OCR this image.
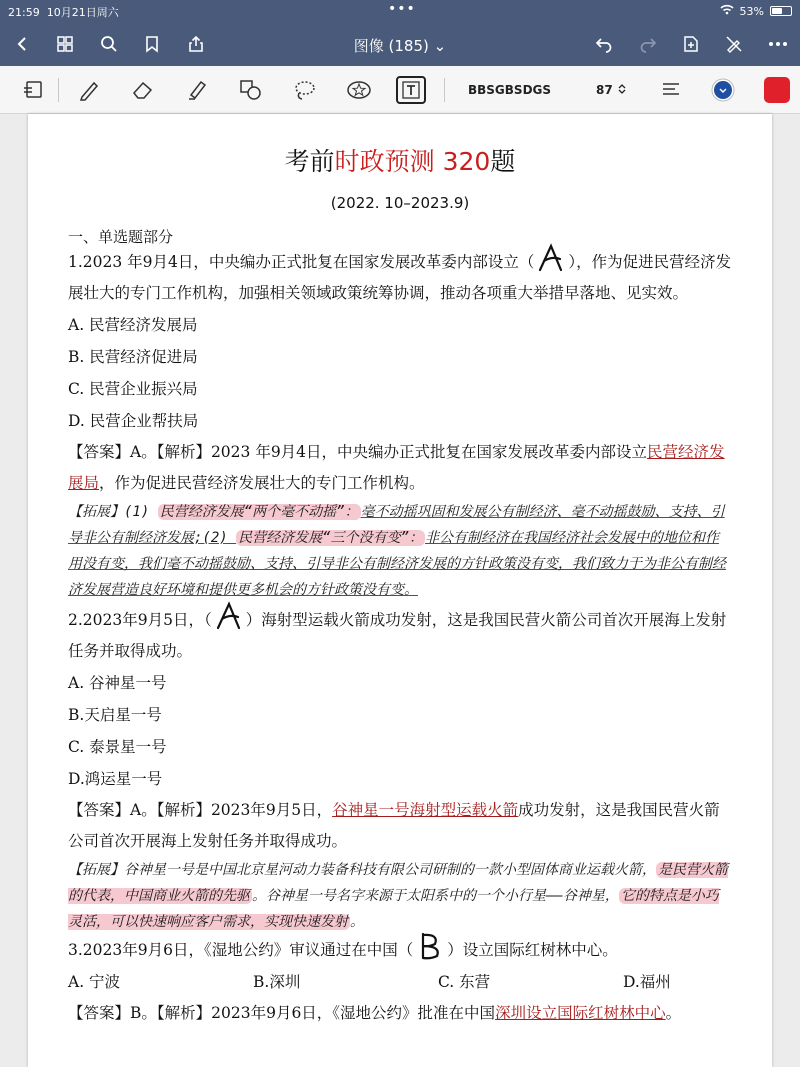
21:59 10月21日周六	•••	53%
图像 (185) ⌄
BBSGBSDGS	87
考前时政预测 320题
(2022. 10–2023.9)
一、单选题部分
1.2023 年9月4日，中央编办正式批复在国家发展改革委内部设立（ ），作为促进民营经济发展壮大的专门工作机构，加强相关领域政策统筹协调，推动各项重大举措早落地、见实效。
A. 民营经济发展局
B. 民营经济促进局
C. 民营企业振兴局
D. 民营企业帮扶局
【答案】A。【解析】2023 年9月4日，中央编办正式批复在国家发展改革委内部设立民营经济发展局，作为促进民营经济发展壮大的专门工作机构。
【拓展】(1) 民营经济发展“两个毫不动摇”： 毫不动摇巩固和发展公有制经济、毫不动摇鼓励、支持、引导非公有制经济发展;(2) 民营经济发展“三个没有变”： 非公有制经济在我国经济社会发展中的地位和作用没有变，我们毫不动摇鼓励、支持、引导非公有制经济发展的方针政策没有变，我们致力于为非公有制经济发展营造良好环境和提供更多机会的方针政策没有变。
2.2023年9月5日，（ ）海射型运载火箭成功发射，这是我国民营火箭公司首次开展海上发射任务并取得成功。
A. 谷神星一号
B.天启星一号
C. 泰景星一号
D.鸿运星一号
【答案】A。【解析】2023年9月5日，谷神星一号海射型运载火箭成功发射，这是我国民营火箭公司首次开展海上发射任务并取得成功。
【拓展】谷神星一号是中国北京星河动力装备科技有限公司研制的一款小型固体商业运载火箭， 是民营火箭的代表，中国商业火箭的先驱 。谷神星一号名字来源于太阳系中的一个小行星——谷神星， 它的特点是小巧灵活，可以快速响应客户需求，实现快速发射 。
3.2023年9月6日，《湿地公约》审议通过在中国（ ）设立国际红树林中心。
A. 宁波	B.深圳	C. 东营	D.福州
【答案】B。【解析】2023年9月6日，《湿地公约》批准在中国深圳设立国际红树林中心。
